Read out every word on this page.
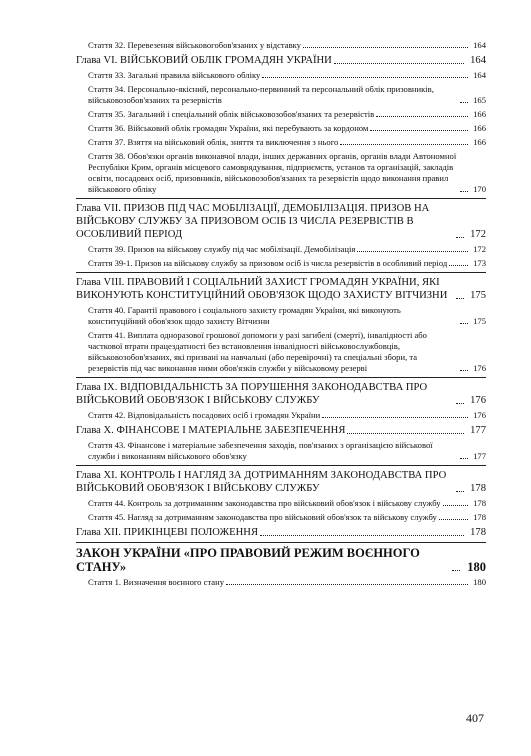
Стаття 32. Перевезення військовогобов'язаних у відставку	164
Глава VI. ВІЙСЬКОВИЙ ОБЛІК ГРОМАДЯН УКРАЇНИ	164
Стаття 33. Загальні правила військового обліку	164
Стаття 34. Персонально-якісний, персонально-первинний та персональний облік призовників, військовозобов'язаних та резервістів	165
Стаття 35. Загальний і спеціальний облік військовозобов'язаних та резервістів	166
Стаття 36. Військовий облік громадян України, які перебувають за кордоном	166
Стаття 37. Взяття на військовий облік, зняття та виключення з нього	166
Стаття 38. Обов'язки органів виконавчої влади, інших державних органів, органів влади Автономної Республіки Крим, органів місцевого самоврядування, підприємств, установ та організацій, закладів освіти, посадових осіб, призовників, військовозобов'язаних та резервістів щодо виконання правил військового обліку	170
Глава VII. ПРИЗОВ ПІД ЧАС МОБІЛІЗАЦІЇ, ДЕМОБІЛІЗАЦІЯ. ПРИЗОВ НА ВІЙСЬКОВУ СЛУЖБУ ЗА ПРИЗОВОМ ОСІБ ІЗ ЧИСЛА РЕЗЕРВІСТІВ В ОСОБЛИВИЙ ПЕРІОД	172
Стаття 39. Призов на військову службу під час мобілізації. Демобілізація	172
Стаття 39-1. Призов на військову службу за призовом осіб із числа резервістів в особливий період	173
Глава VIII. ПРАВОВИЙ І СОЦІАЛЬНИЙ ЗАХИСТ ГРОМАДЯН УКРАЇНИ, ЯКІ ВИКОНУЮТЬ КОНСТИТУЦІЙНИЙ ОБОВ'ЯЗОК ЩОДО ЗАХИСТУ ВІТЧИЗНИ	175
Стаття 40. Гарантії правового і соціального захисту громадян України, які виконують конституційний обов'язок щодо захисту Вітчизни	175
Стаття 41. Виплата одноразової грошової допомоги у разі загибелі (смерті), інвалідності або часткової втрати працездатності без встановлення інвалідності військовослужбовців, військовозобов'язаних, які призвані на навчальні (або перевірочні) та спеціальні збори, та резервістів під час виконання ними обов'язків служби у військовому резерві	176
Глава IX. ВІДПОВІДАЛЬНІСТЬ ЗА ПОРУШЕННЯ ЗАКОНОДАВСТВА ПРО ВІЙСЬКОВИЙ ОБОВ'ЯЗОК І ВІЙСЬКОВУ СЛУЖБУ	176
Стаття 42. Відповідальність посадових осіб і громадян України	176
Глава X. ФІНАНСОВЕ І МАТЕРІАЛЬНЕ ЗАБЕЗПЕЧЕННЯ	177
Стаття 43. Фінансове і матеріальне забезпечення заходів, пов'язаних з організацією військової служби і виконанням військового обов'язку	177
Глава XI. КОНТРОЛЬ І НАГЛЯД ЗА ДОТРИМАННЯМ ЗАКОНОДАВСТВА ПРО ВІЙСЬКОВИЙ ОБОВ'ЯЗОК І ВІЙСЬКОВУ СЛУЖБУ	178
Стаття 44. Контроль за дотриманням законодавства про військовий обов'язок і військову службу	178
Стаття 45. Нагляд за дотриманням законодавства про військовий обов'язок та військову службу	178
Глава XII. ПРИКІНЦЕВІ ПОЛОЖЕННЯ	178
ЗАКОН УКРАЇНИ «ПРО ПРАВОВИЙ РЕЖИМ ВОЄННОГО СТАНУ»	180
Стаття 1. Визначення воєнного стану	180
407
